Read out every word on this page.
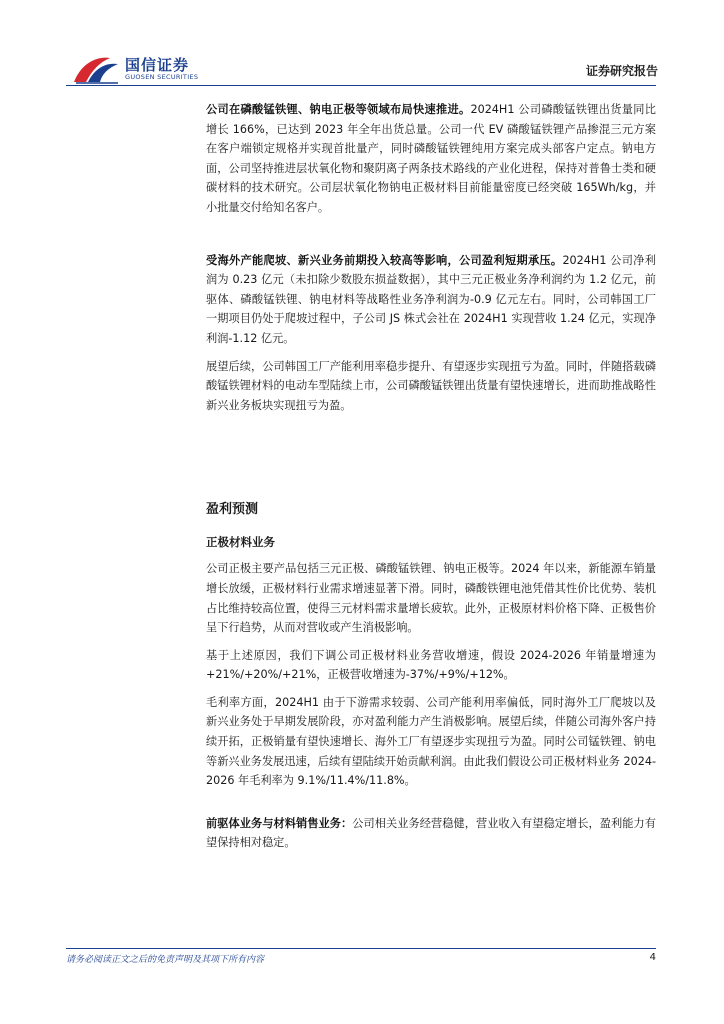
国信证券
GUOSEN SECURITIES	证券研究报告

公司在磷酸锰铁锂、钠电正极等领域布局快速推进。2024H1 公司磷酸锰铁锂出货量同比增长 166%，已达到 2023 年全年出货总量。公司一代 EV 磷酸锰铁锂产品掺混三元方案在客户端锁定规格并实现首批量产，同时磷酸锰铁锂纯用方案完成头部客户定点。钠电方面，公司坚持推进层状氧化物和聚阴离子两条技术路线的产业化进程，保持对普鲁士类和硬碳材料的技术研究。公司层状氧化物钠电正极材料目前能量密度已经突破 165Wh/kg，并小批量交付给知名客户。

受海外产能爬坡、新兴业务前期投入较高等影响，公司盈利短期承压。2024H1 公司净利润为 0.23 亿元（未扣除少数股东损益数据），其中三元正极业务净利润约为 1.2 亿元，前驱体、磷酸锰铁锂、钠电材料等战略性业务净利润为-0.9 亿元左右。同时，公司韩国工厂一期项目仍处于爬坡过程中，子公司 JS 株式会社在 2024H1 实现营收 1.24 亿元，实现净利润-1.12 亿元。

展望后续，公司韩国工厂产能利用率稳步提升、有望逐步实现扭亏为盈。同时，伴随搭载磷酸锰铁锂材料的电动车型陆续上市，公司磷酸锰铁锂出货量有望快速增长，进而助推战略性新兴业务板块实现扭亏为盈。

盈利预测

正极材料业务

公司正极主要产品包括三元正极、磷酸锰铁锂、钠电正极等。2024 年以来，新能源车销量增长放缓，正极材料行业需求增速显著下滑。同时，磷酸铁锂电池凭借其性价比优势、装机占比维持较高位置，使得三元材料需求量增长疲软。此外，正极原材料价格下降、正极售价呈下行趋势，从而对营收或产生消极影响。

基于上述原因，我们下调公司正极材料业务营收增速，假设 2024-2026 年销量增速为+21%/+20%/+21%，正极营收增速为-37%/+9%/+12%。

毛利率方面，2024H1 由于下游需求较弱、公司产能利用率偏低，同时海外工厂爬坡以及新兴业务处于早期发展阶段，亦对盈利能力产生消极影响。展望后续，伴随公司海外客户持续开拓，正极销量有望快速增长、海外工厂有望逐步实现扭亏为盈。同时公司锰铁锂、钠电等新兴业务发展迅速，后续有望陆续开始贡献利润。由此我们假设公司正极材料业务 2024-2026 年毛利率为 9.1%/11.4%/11.8%。

前驱体业务与材料销售业务：公司相关业务经营稳健，营业收入有望稳定增长，盈利能力有望保持相对稳定。

请务必阅读正文之后的免责声明及其项下所有内容	4
